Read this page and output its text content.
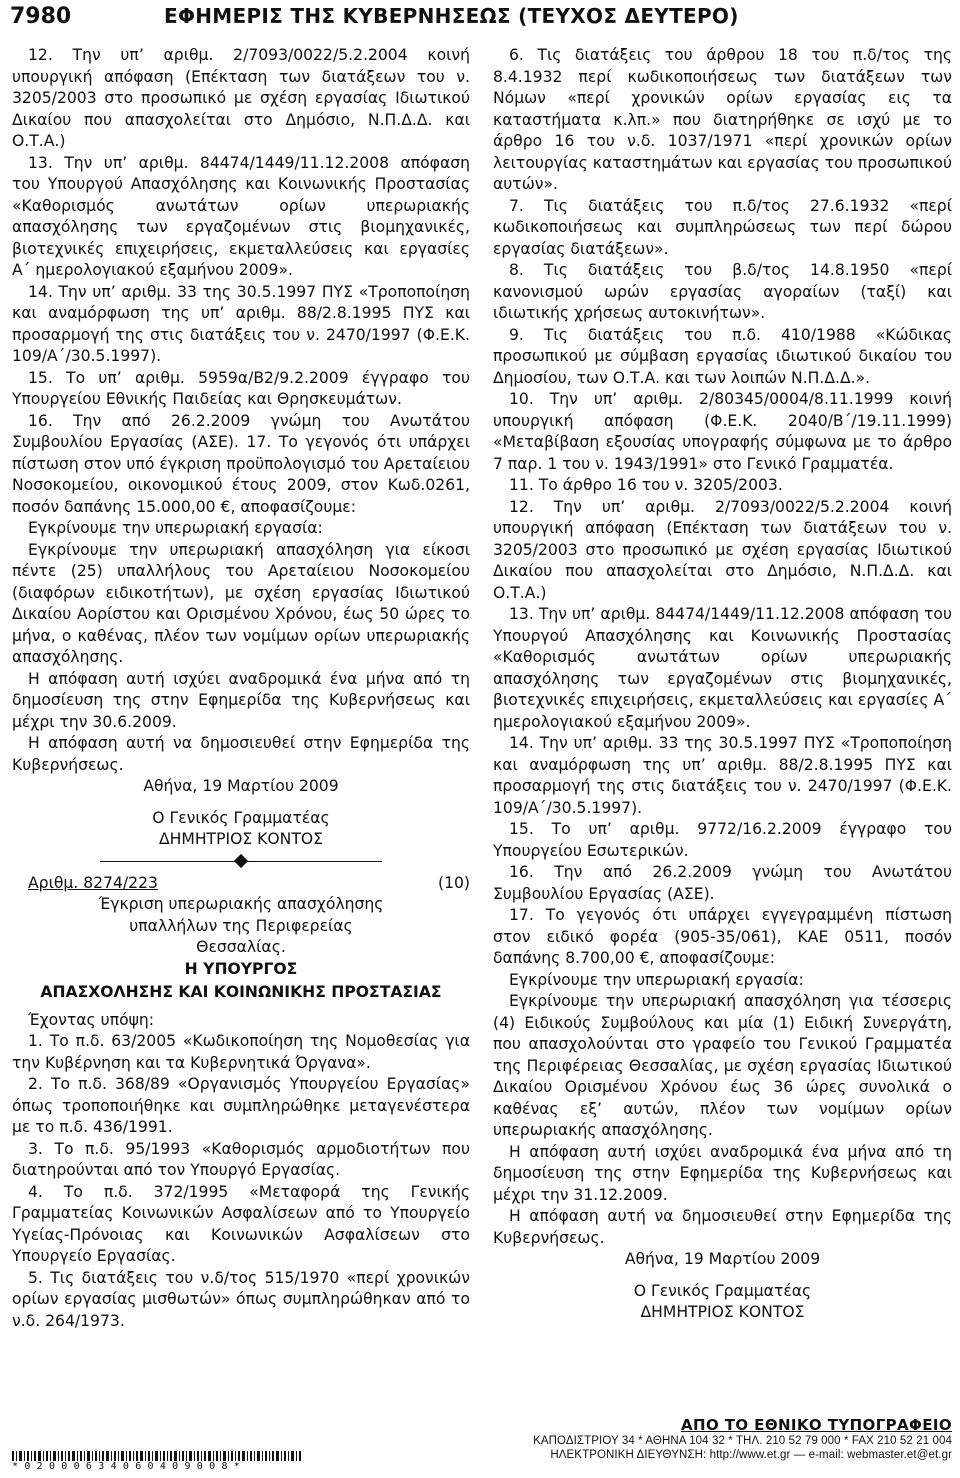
7980	ΕΦΗΜΕΡΙΣ ΤΗΣ ΚΥΒΕΡΝΗΣΕΩΣ (ΤΕΥΧΟΣ ΔΕΥΤΕΡΟ)

12. Την υπ’ αριθμ. 2/7093/0022/5.2.2004 κοινή υπουργική απόφαση (Επέκταση των διατάξεων του ν. 3205/2003 στο προσωπικό με σχέση εργασίας Ιδιωτικού Δικαίου που απασχολείται στο Δημόσιο, Ν.Π.Δ.Δ. και Ο.Τ.Α.)

13. Την υπ’ αριθμ. 84474/1449/11.12.2008 απόφαση του Υπουργού Απασχόλησης και Κοινωνικής Προστασίας «Καθορισμός ανωτάτων ορίων υπερωριακής απασχόλησης των εργαζομένων στις βιομηχανικές, βιοτεχνικές επιχειρήσεις, εκμεταλλεύσεις και εργασίες Α΄ ημερολογιακού εξαμήνου 2009».

14. Την υπ’ αριθμ. 33 της 30.5.1997 ΠΥΣ «Τροποποίηση και αναμόρφωση της υπ’ αριθμ. 88/2.8.1995 ΠΥΣ και προσαρμογή της στις διατάξεις του ν. 2470/1997 (Φ.Ε.Κ. 109/Α΄/30.5.1997).

15. Το υπ’ αριθμ. 5959α/Β2/9.2.2009 έγγραφο του Υπουργείου Εθνικής Παιδείας και Θρησκευμάτων.

16. Την από 26.2.2009 γνώμη του Ανωτάτου Συμβουλίου Εργασίας (ΑΣΕ). 17. Το γεγονός ότι υπάρχει πίστωση στον υπό έγκριση προϋπολογισμό του Αρεταίειου Νοσοκομείου, οικονομικού έτους 2009, στον Κωδ.0261, ποσόν δαπάνης 15.000,00 €, αποφασίζουμε:

Εγκρίνουμε την υπερωριακή εργασία:

Εγκρίνουμε την υπερωριακή απασχόληση για είκοσι πέντε (25) υπαλλήλους του Αρεταίειου Νοσοκομείου (διαφόρων ειδικοτήτων), με σχέση εργασίας Ιδιωτικού Δικαίου Αορίστου και Ορισμένου Χρόνου, έως 50 ώρες το μήνα, ο καθένας, πλέον των νομίμων ορίων υπερωριακής απασχόλησης.

Η απόφαση αυτή ισχύει αναδρομικά ένα μήνα από τη δημοσίευση της στην Εφημερίδα της Κυβερνήσεως και μέχρι την 30.6.2009.

Η απόφαση αυτή να δημοσιευθεί στην Εφημερίδα της Κυβερνήσεως.

Αθήνα, 19 Μαρτίου 2009

Ο Γενικός Γραμματέας

ΔΗΜΗΤΡΙΟΣ ΚΟΝΤΟΣ

Αριθμ. 8274/223	(10)

Έγκριση υπερωριακής απασχόλησης υπαλλήλων της Περιφερείας Θεσσαλίας.

Η ΥΠΟΥΡΓΟΣ

ΑΠΑΣΧΟΛΗΣΗΣ ΚΑΙ ΚΟΙΝΩΝΙΚΗΣ ΠΡΟΣΤΑΣΙΑΣ

Έχοντας υπόψη:

1. Το π.δ. 63/2005 «Κωδικοποίηση της Νομοθεσίας για την Κυβέρνηση και τα Κυβερνητικά Όργανα».

2. Το π.δ. 368/89 «Οργανισμός Υπουργείου Εργασίας» όπως τροποποιήθηκε και συμπληρώθηκε μεταγενέστερα με το π.δ. 436/1991.

3. Το π.δ. 95/1993 «Καθορισμός αρμοδιοτήτων που διατηρούνται από τον Υπουργό Εργασίας.

4. Το π.δ. 372/1995 «Μεταφορά της Γενικής Γραμματείας Κοινωνικών Ασφαλίσεων από το Υπουργείο Υγείας-Πρόνοιας και Κοινωνικών Ασφαλίσεων στο Υπουργείο Εργασίας.

5. Τις διατάξεις του ν.δ/τος 515/1970 «περί χρονικών ορίων εργασίας μισθωτών» όπως συμπληρώθηκαν από το ν.δ. 264/1973.

6. Τις διατάξεις του άρθρου 18 του π.δ/τος της 8.4.1932 περί κωδικοποιήσεως των διατάξεων των Νόμων «περί χρονικών ορίων εργασίας εις τα καταστήματα κ.λπ.» που διατηρήθηκε σε ισχύ με το άρθρο 16 του ν.δ. 1037/1971 «περί χρονικών ορίων λειτουργίας καταστημάτων και εργασίας του προσωπικού αυτών».

7. Τις διατάξεις του π.δ/τος 27.6.1932 «περί κωδικοποιήσεως και συμπληρώσεως των περί δώρου εργασίας διατάξεων».

8. Τις διατάξεις του β.δ/τος 14.8.1950 «περί κανονισμού ωρών εργασίας αγοραίων (ταξί) και ιδιωτικής χρήσεως αυτοκινήτων».

9. Τις διατάξεις του π.δ. 410/1988 «Κώδικας προσωπικού με σύμβαση εργασίας ιδιωτικού δικαίου του Δημοσίου, των Ο.Τ.Α. και των λοιπών Ν.Π.Δ.Δ.».

10. Την υπ’ αριθμ. 2/80345/0004/8.11.1999 κοινή υπουργική απόφαση (Φ.Ε.Κ. 2040/Β΄/19.11.1999) «Μεταβίβαση εξουσίας υπογραφής σύμφωνα με το άρθρο 7 παρ. 1 του ν. 1943/1991» στο Γενικό Γραμματέα.

11. Το άρθρο 16 του ν. 3205/2003.

12. Την υπ’ αριθμ. 2/7093/0022/5.2.2004 κοινή υπουργική απόφαση (Επέκταση των διατάξεων του ν. 3205/2003 στο προσωπικό με σχέση εργασίας Ιδιωτικού Δικαίου που απασχολείται στο Δημόσιο, Ν.Π.Δ.Δ. και Ο.Τ.Α.)

13. Την υπ’ αριθμ. 84474/1449/11.12.2008 απόφαση του Υπουργού Απασχόλησης και Κοινωνικής Προστασίας «Καθορισμός ανωτάτων ορίων υπερωριακής απασχόλησης των εργαζομένων στις βιομηχανικές, βιοτεχνικές επιχειρήσεις, εκμεταλλεύσεις και εργασίες Α΄ ημερολογιακού εξαμήνου 2009».

14. Την υπ’ αριθμ. 33 της 30.5.1997 ΠΥΣ «Τροποποίηση και αναμόρφωση της υπ’ αριθμ. 88/2.8.1995 ΠΥΣ και προσαρμογή της στις διατάξεις του ν. 2470/1997 (Φ.Ε.Κ. 109/Α΄/30.5.1997).

15. Το υπ’ αριθμ. 9772/16.2.2009 έγγραφο του Υπουργείου Εσωτερικών.

16. Την από 26.2.2009 γνώμη του Ανωτάτου Συμβουλίου Εργασίας (ΑΣΕ).

17. Το γεγονός ότι υπάρχει εγγεγραμμένη πίστωση στον ειδικό φορέα (905-35/061), ΚΑΕ 0511, ποσόν δαπάνης 8.700,00 €, αποφασίζουμε:

Εγκρίνουμε την υπερωριακή εργασία:

Εγκρίνουμε την υπερωριακή απασχόληση για τέσσερις (4) Ειδικούς Συμβούλους και μία (1) Ειδική Συνεργάτη, που απασχολούνται στο γραφείο του Γενικού Γραμματέα της Περιφέρειας Θεσσαλίας, με σχέση εργασίας Ιδιωτικού Δικαίου Ορισμένου Χρόνου έως 36 ώρες συνολικά ο καθένας εξ’ αυτών, πλέον των νομίμων ορίων υπερωριακής απασχόλησης.

Η απόφαση αυτή ισχύει αναδρομικά ένα μήνα από τη δημοσίευση της στην Εφημερίδα της Κυβερνήσεως και μέχρι την 31.12.2009.

Η απόφαση αυτή να δημοσιευθεί στην Εφημερίδα της Κυβερνήσεως.

Αθήνα, 19 Μαρτίου 2009

Ο Γενικός Γραμματέας

ΔΗΜΗΤΡΙΟΣ ΚΟΝΤΟΣ

*02000634060409008*
ΑΠΟ ΤΟ ΕΘΝΙΚΟ ΤΥΠΟΓΡΑΦΕΙΟ
ΚΑΠΟΔΙΣΤΡΙΟΥ 34 * ΑΘΗΝΑ 104 32 * ΤΗΛ. 210 52 79 000 * FAX 210 52 21 004
ΗΛΕΚΤΡΟΝΙΚΗ ΔΙΕΥΘΥΝΣΗ: http://www.et.gr — e-mail: webmaster.et@et.gr
